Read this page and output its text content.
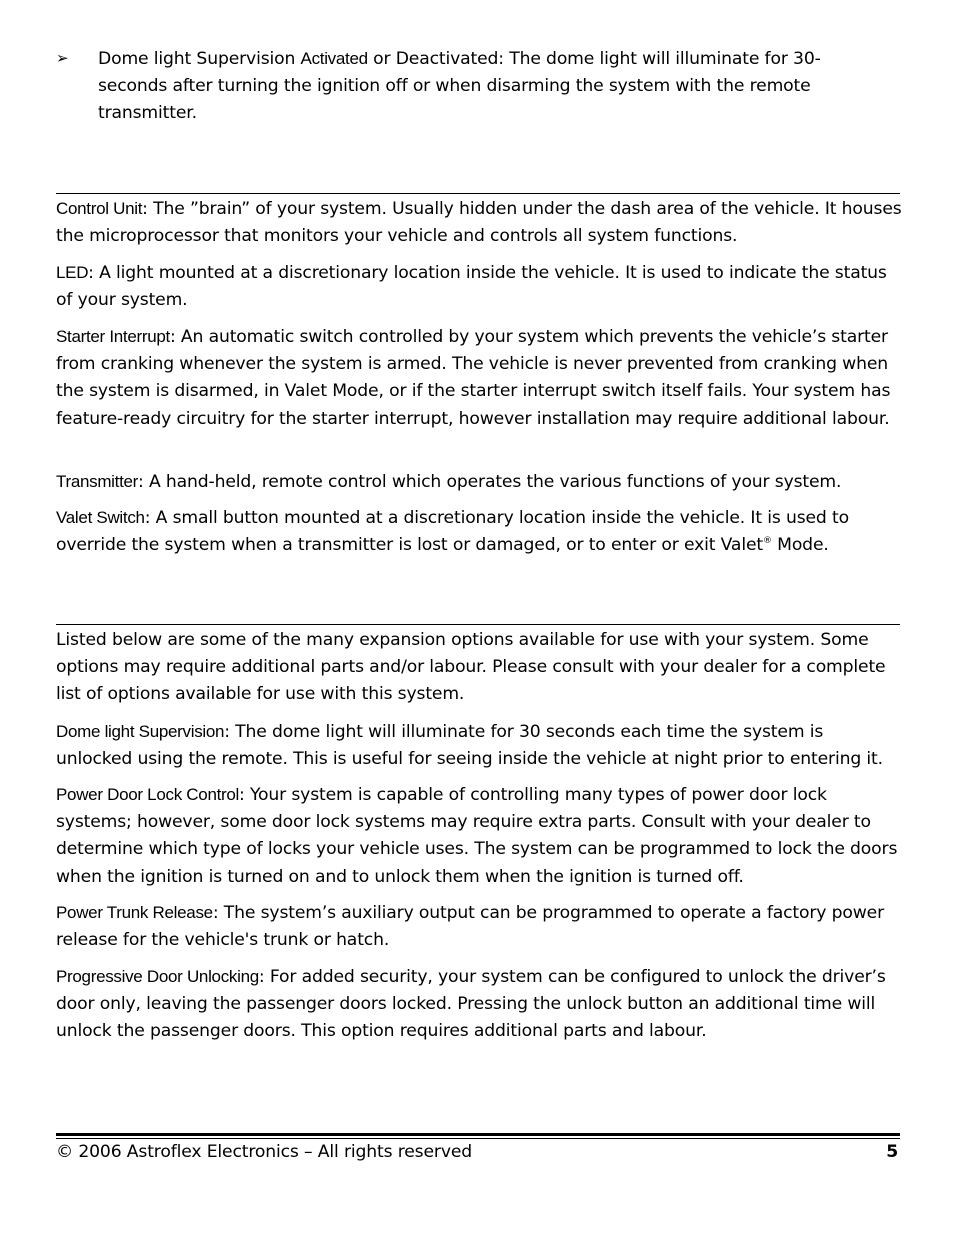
➢ Dome light Supervision Activated or Deactivated: The dome light will illuminate for 30-seconds after turning the ignition off or when disarming the system with the remote transmitter.

Control Unit: The ”brain” of your system. Usually hidden under the dash area of the vehicle. It houses the microprocessor that monitors your vehicle and controls all system functions.

LED: A light mounted at a discretionary location inside the vehicle. It is used to indicate the status of your system.

Starter Interrupt: An automatic switch controlled by your system which prevents the vehicle’s starter from cranking whenever the system is armed. The vehicle is never prevented from cranking when the system is disarmed, in Valet Mode, or if the starter interrupt switch itself fails. Your system has feature-ready circuitry for the starter interrupt, however installation may require additional labour.

Transmitter: A hand-held, remote control which operates the various functions of your system.

Valet Switch: A small button mounted at a discretionary location inside the vehicle. It is used to override the system when a transmitter is lost or damaged, or to enter or exit Valet® Mode.

Listed below are some of the many expansion options available for use with your system. Some options may require additional parts and/or labour. Please consult with your dealer for a complete list of options available for use with this system.

Dome light Supervision: The dome light will illuminate for 30 seconds each time the system is unlocked using the remote. This is useful for seeing inside the vehicle at night prior to entering it.

Power Door Lock Control: Your system is capable of controlling many types of power door lock systems; however, some door lock systems may require extra parts. Consult with your dealer to determine which type of locks your vehicle uses. The system can be programmed to lock the doors when the ignition is turned on and to unlock them when the ignition is turned off.

Power Trunk Release: The system’s auxiliary output can be programmed to operate a factory power release for the vehicle's trunk or hatch.

Progressive Door Unlocking: For added security, your system can be configured to unlock the driver’s door only, leaving the passenger doors locked. Pressing the unlock button an additional time will unlock the passenger doors. This option requires additional parts and labour.

© 2006 Astroflex Electronics – All rights reserved	5
